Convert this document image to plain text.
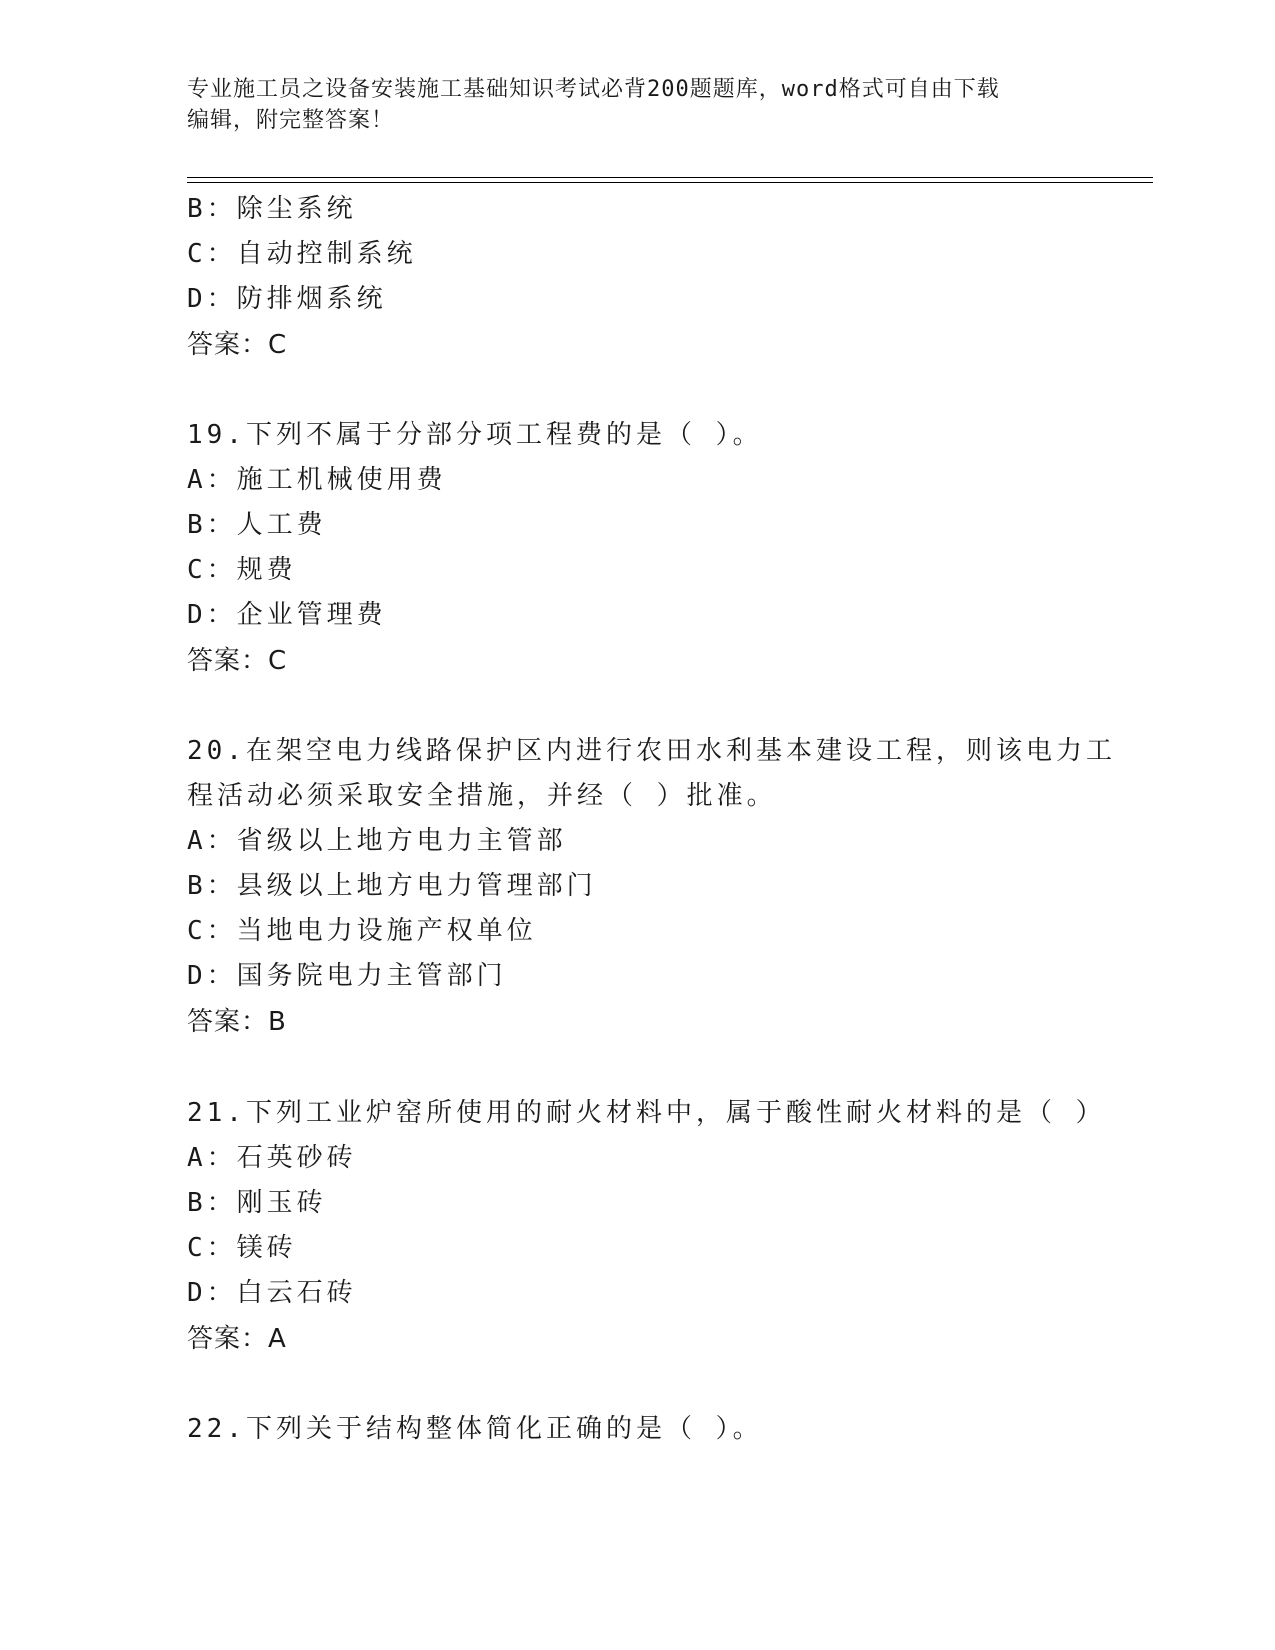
专业施工员之设备安装施工基础知识考试必背200题题库，word格式可自由下载
编辑，附完整答案！
B：除尘系统
C：自动控制系统
D：防排烟系统
答案：C
19.下列不属于分部分项工程费的是（ ）。
A：施工机械使用费
B：人工费
C：规费
D：企业管理费
答案：C
20.在架空电力线路保护区内进行农田水利基本建设工程，则该电力工
程活动必须采取安全措施，并经（ ）批准。
A：省级以上地方电力主管部
B：县级以上地方电力管理部门
C：当地电力设施产权单位
D：国务院电力主管部门
答案：B
21.下列工业炉窑所使用的耐火材料中，属于酸性耐火材料的是（ ）
A：石英砂砖
B：刚玉砖
C：镁砖
D：白云石砖
答案：A
22.下列关于结构整体简化正确的是（ ）。
